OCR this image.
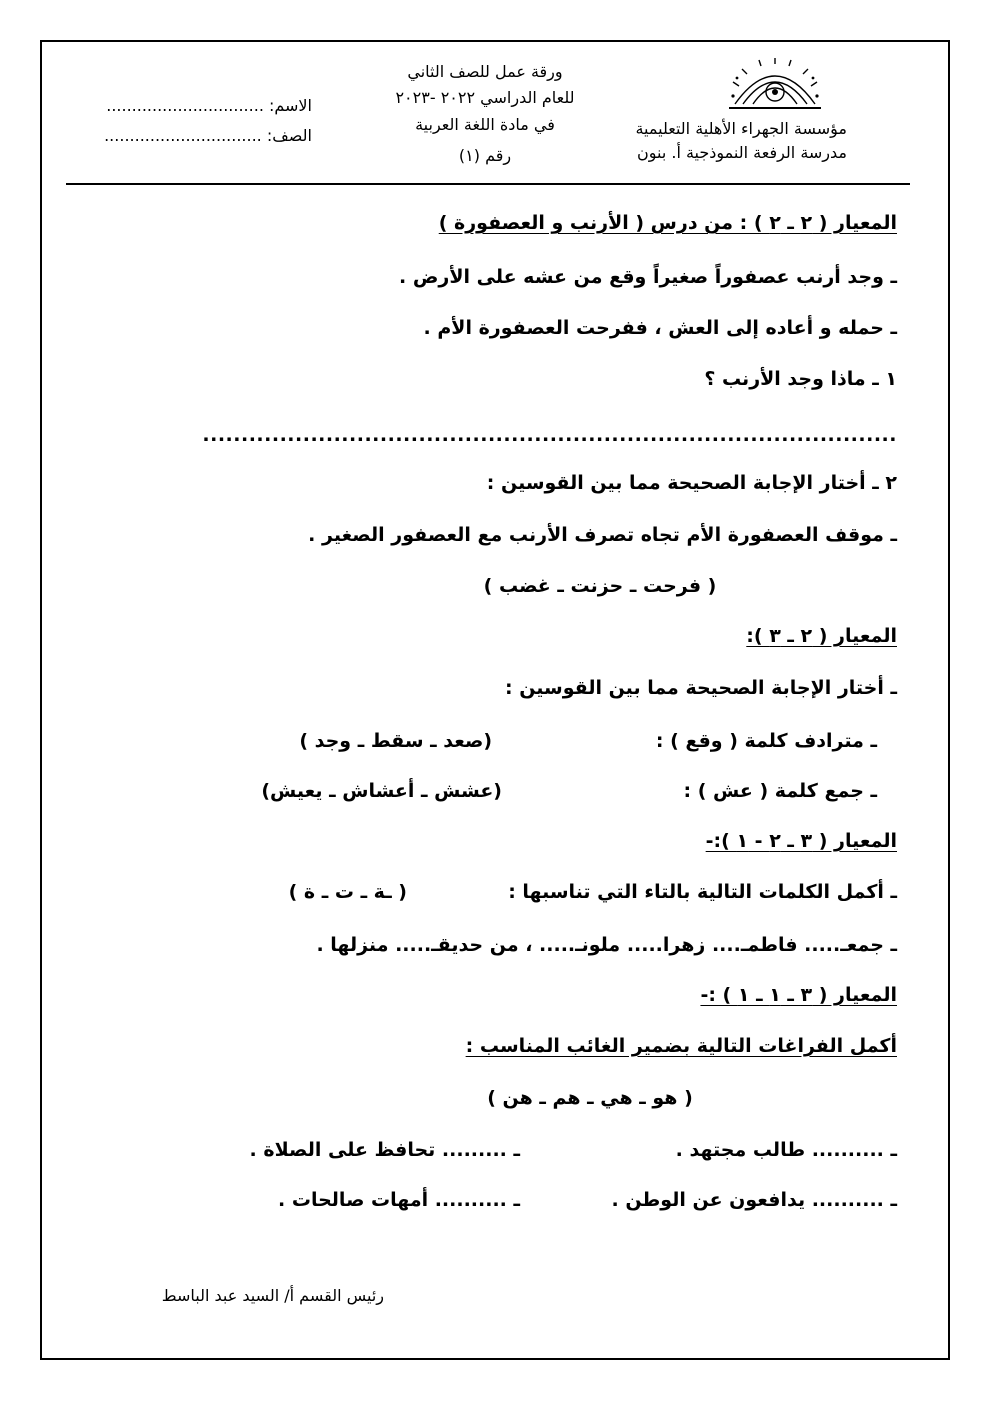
مؤسسة الجهراء الأهلية التعليمية
مدرسة الرفعة النموذجية أ. بنون
ورقة عمل للصف الثاني
للعام الدراسي ٢٠٢٢ -٢٠٢٣
في مادة اللغة العربية
رقم (١)
الاسم: ...............................
الصف: ...............................
المعيار ( ٢ ـ ٢ ) : من درس ( الأرنب و العصفورة )
ـ وجد أرنب عصفوراً صغيراً وقع من عشه على الأرض .
ـ حمله و أعاده إلى العش ، ففرحت العصفورة الأم .
١ ـ ماذا وجد الأرنب ؟
..........................................................................................
٢ ـ أختار الإجابة الصحيحة مما بين القوسين :
ـ موقف العصفورة الأم تجاه تصرف الأرنب مع العصفور الصغير .
( فرحت ـ حزنت ـ غضب )
المعيار ( ٢ ـ ٣ ):
ـ أختار الإجابة الصحيحة مما بين القوسين :
ـ مترادف كلمة ( وقع ) :
(صعد ـ سقط ـ وجد )
ـ جمع كلمة ( عش ) :
(عشش ـ أعشاش ـ يعيش)
المعيار ( ٣ ـ ٢ - ١ ):-
ـ أكمل الكلمات التالية بالتاء التي تناسبها :
( ـة ـ ت ـ ة )
ـ جمعـ..... فاطمـ.... زهرا..... ملونـ..... ، من حديقـ..... منزلها .
المعيار ( ٣ ـ ١ ـ ١ ) :-
أكمل الفراغات التالية بضمير الغائب المناسب :
( هو ـ هي ـ هم ـ هن )
ـ .......... طالب مجتهد .
ـ ......... تحافظ على الصلاة .
ـ .......... يدافعون عن الوطن .
ـ .......... أمهات صالحات .
رئيس القسم أ/ السيد عبد الباسط
